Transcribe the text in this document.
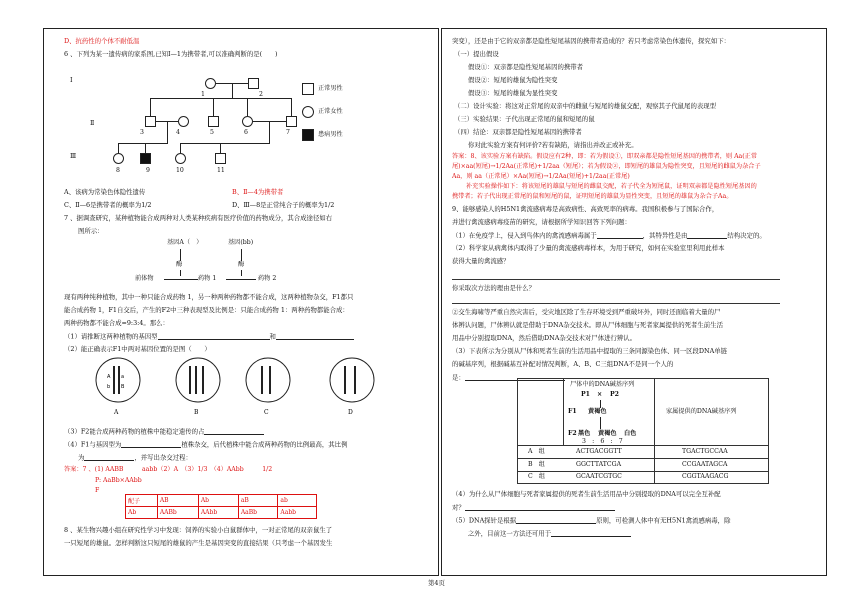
D、抗药性的个体不耐低温
6 、下列为某一遗传病的家系图,已知Ⅰ—1为携带者,可以准确判断的是(　　)
Ⅰ
Ⅱ
Ⅲ
1	2
3	4	5	6	7
8	9	10	11
正常男性
正常女性
患病男性
A、该病为常染色体隐性遗传	B、Ⅱ—4为携带者
C、Ⅱ—6是携带者的概率为1/2	D、Ⅲ—8是正常纯合子的概率为1/2
7 、据调查研究，某种植物能合成两种对人类某种疾病有医疗价值的药物成分，其合成途径如右
图所示：
基因A（　）	基因(bb)
酶	酶
前体物	药物 1	药物 2
现有两种纯种植物，其中一种只能合成药物 1，另一种两种药物都不能合成，这两种植物杂交，F1都只
能合成药物 1，F1自交后，产生的F2中三种表现型及比例是：只能合成药物 1：两种药物都能合成：
两种药物都不能合成=9:3:4。那么：
（1）请推断这两种植物的基因型	和
（2）能正确表示F1中两对基因位置的是图（　　）
A
b
a
B
A	B	C	D
（3）F2能合成两种药物的植株中能稳定遗传的占
（4）F1与基因型为	植株杂交，后代植株中能合成两种药物的比例最高，其比例
为	，并写出杂交过程：
答案：7 、(1) AABB　　　aabb（2）A　（3）1/3　（4）AAbb　　　1/2
P: AaBb×AAbb
F
配子	AB	Ab	aB	ab
Ab	AABb	AAbb	AaBb	Aabb
8 、某生物兴趣小组在研究性学习中发现：饲养的实验小白鼠群体中，一对正常尾的双亲鼠生了
一只短尾的雄鼠。怎样判断这只短尾的雄鼠的产生是基因突变的直接结果（只考虑一个基因发生
突变），还是由于它的双亲都是隐性短尾基因的携带者造成的？若只考虑常染色体遗传，探究如下：
（一）提出假设
假设①：双亲都是隐性短尾基因的携带者
假设②：短尾的雄鼠为隐性突变
假设③：短尾的雄鼠为显性突变
（二）设计实验：将这对正常尾的双亲中的雌鼠与短尾的雄鼠交配，观察其子代鼠尾的表现型
（三）实验结果：子代出现正常尾的鼠和短尾的鼠
（四）结论：双亲都是隐性短尾基因的携带者
你对此实验方案有何评价?若有缺陷，请指出并改正或补充。
答案：8、该实验方案有缺陷。假设应有2种，即：若为假设①，即双亲都是隐性短尾基因的携带者，则 Aa(正常
尾)×aa(短尾)→1/2Aa(正常尾)+1/2aa（短尾）；若为假设②，即短尾的雄鼠为隐性突变，且短尾的雌鼠为杂合子
Aa，则 aa（正常尾）×Aa(短尾)→1/2Aa(短尾)+1/2aa(正常尾)
补充实验操作如下：将该短尾的雄鼠与短尾的雌鼠交配，若子代全为短尾鼠，证明双亲都是隐性短尾基因的
携带者；若子代出现正常尾的鼠和短尾的鼠，证明短尾的雄鼠为显性突变，且短尾的雄鼠为杂合子Aa。
9、能够感染人的H5N1禽流感病毒是高致病性、高致死率的病毒。我国积极参与了国际合作，
并进行禽流感病毒疫苗的研究，请根据所学知识回答下列问题：
（1）在免疫学上，侵入到鸟体内的禽流感病毒属于	，其特异性是由	结构决定的。
（2）科学家从病禽体内取得了少量的禽流感病毒样本，为用于研究，如何在实验室里利用此样本
获得大量的禽流感？
你采取次方法的理由是什么？
②交生海啸等严重自然灾害后，受灾地区除了生存环境受到严重破坏外，同时还面临着大量的尸
体辨认问题，尸体辨认就是借助于DNA杂交技术。即从尸体细胞与死者家属提供的死者生前生活
用品中分别提取DNA，然后借助DNA杂交技术对尸体进行辨认。
（3）下表所示为分别从尸体和死者生前的生活用品中提取的三条同源染色体、同一区段DNA单链
的碱基序列，根据碱基互补配对情况判断，A、B、C三组DNA不是同一个人的
是：
尸体中的DNA碱基序列
家属提供的DNA碱基序列
P1 × P2
F1 黄褐色
F2 黑色 黄褐色 白色
3　:　6　:　7
A　组	ACTGACGGTT	TGACTGCCAA
B　组	GGCTTATCGA	CCGAATAGCA
C　组	GCAATCGTGC	CGGTAAGACG
（4）为什么从尸体细胞与死者家属提供的死者生前生活用品中分别提取的DNA可以完全互补配
对？
（5）DNA探针是根据	原则，可检测人体中有无H5N1禽流感病毒，除
之外，目前这一方法还可用于
第4页
